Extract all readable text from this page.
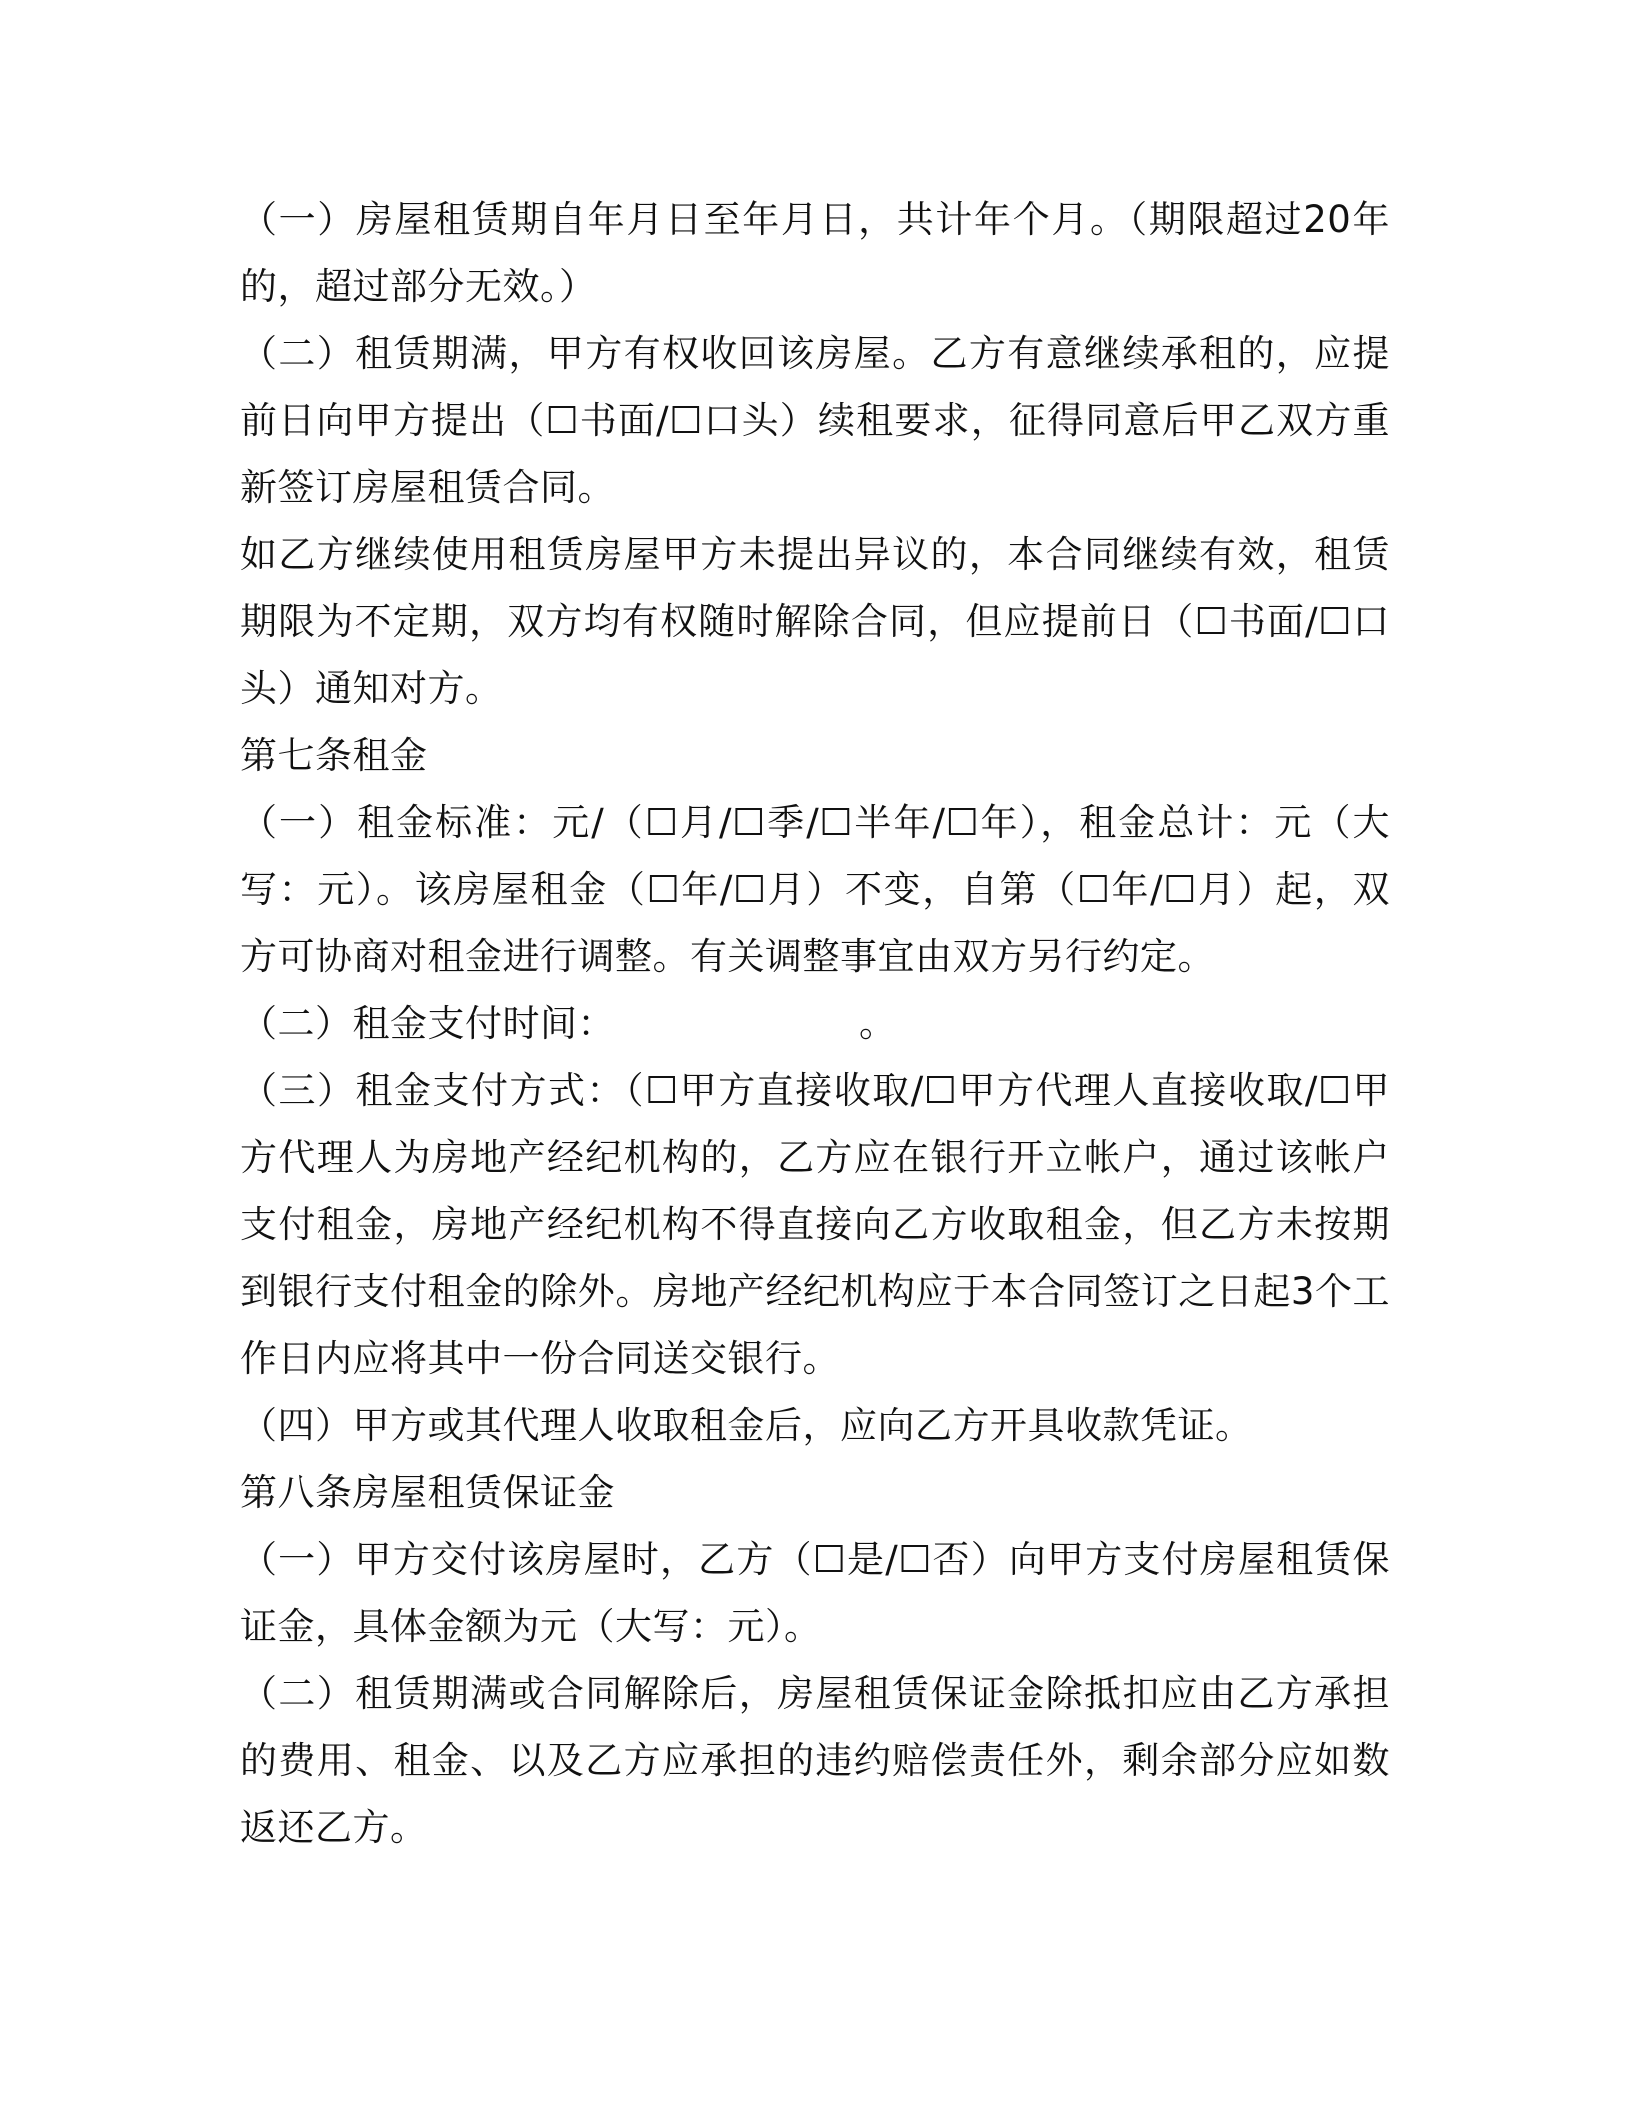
（一）房屋租赁期自年月日至年月日，共计年个月。（期限超过20年的，超过部分无效。）

（二）租赁期满，甲方有权收回该房屋。乙方有意继续承租的，应提前日向甲方提出（☐书面/☐口头）续租要求，征得同意后甲乙双方重新签订房屋租赁合同。

如乙方继续使用租赁房屋甲方未提出异议的，本合同继续有效，租赁期限为不定期，双方均有权随时解除合同，但应提前日（☐书面/☐口头）通知对方。

第七条租金

（一）租金标准：元/（☐月/☐季/☐半年/☐年），租金总计：元（大写：元）。该房屋租金（☐年/☐月）不变，自第（☐年/☐月）起，双方可协商对租金进行调整。有关调整事宜由双方另行约定。

（二）租金支付时间：　　　　　　　。

（三）租金支付方式：（☐甲方直接收取/☐甲方代理人直接收取/☐甲方代理人为房地产经纪机构的，乙方应在银行开立帐户，通过该帐户支付租金，房地产经纪机构不得直接向乙方收取租金，但乙方未按期到银行支付租金的除外。房地产经纪机构应于本合同签订之日起3个工作日内应将其中一份合同送交银行。

（四）甲方或其代理人收取租金后，应向乙方开具收款凭证。

第八条房屋租赁保证金

（一）甲方交付该房屋时，乙方（☐是/☐否）向甲方支付房屋租赁保证金，具体金额为元（大写：元）。

（二）租赁期满或合同解除后，房屋租赁保证金除抵扣应由乙方承担的费用、租金、以及乙方应承担的违约赔偿责任外，剩余部分应如数返还乙方。
